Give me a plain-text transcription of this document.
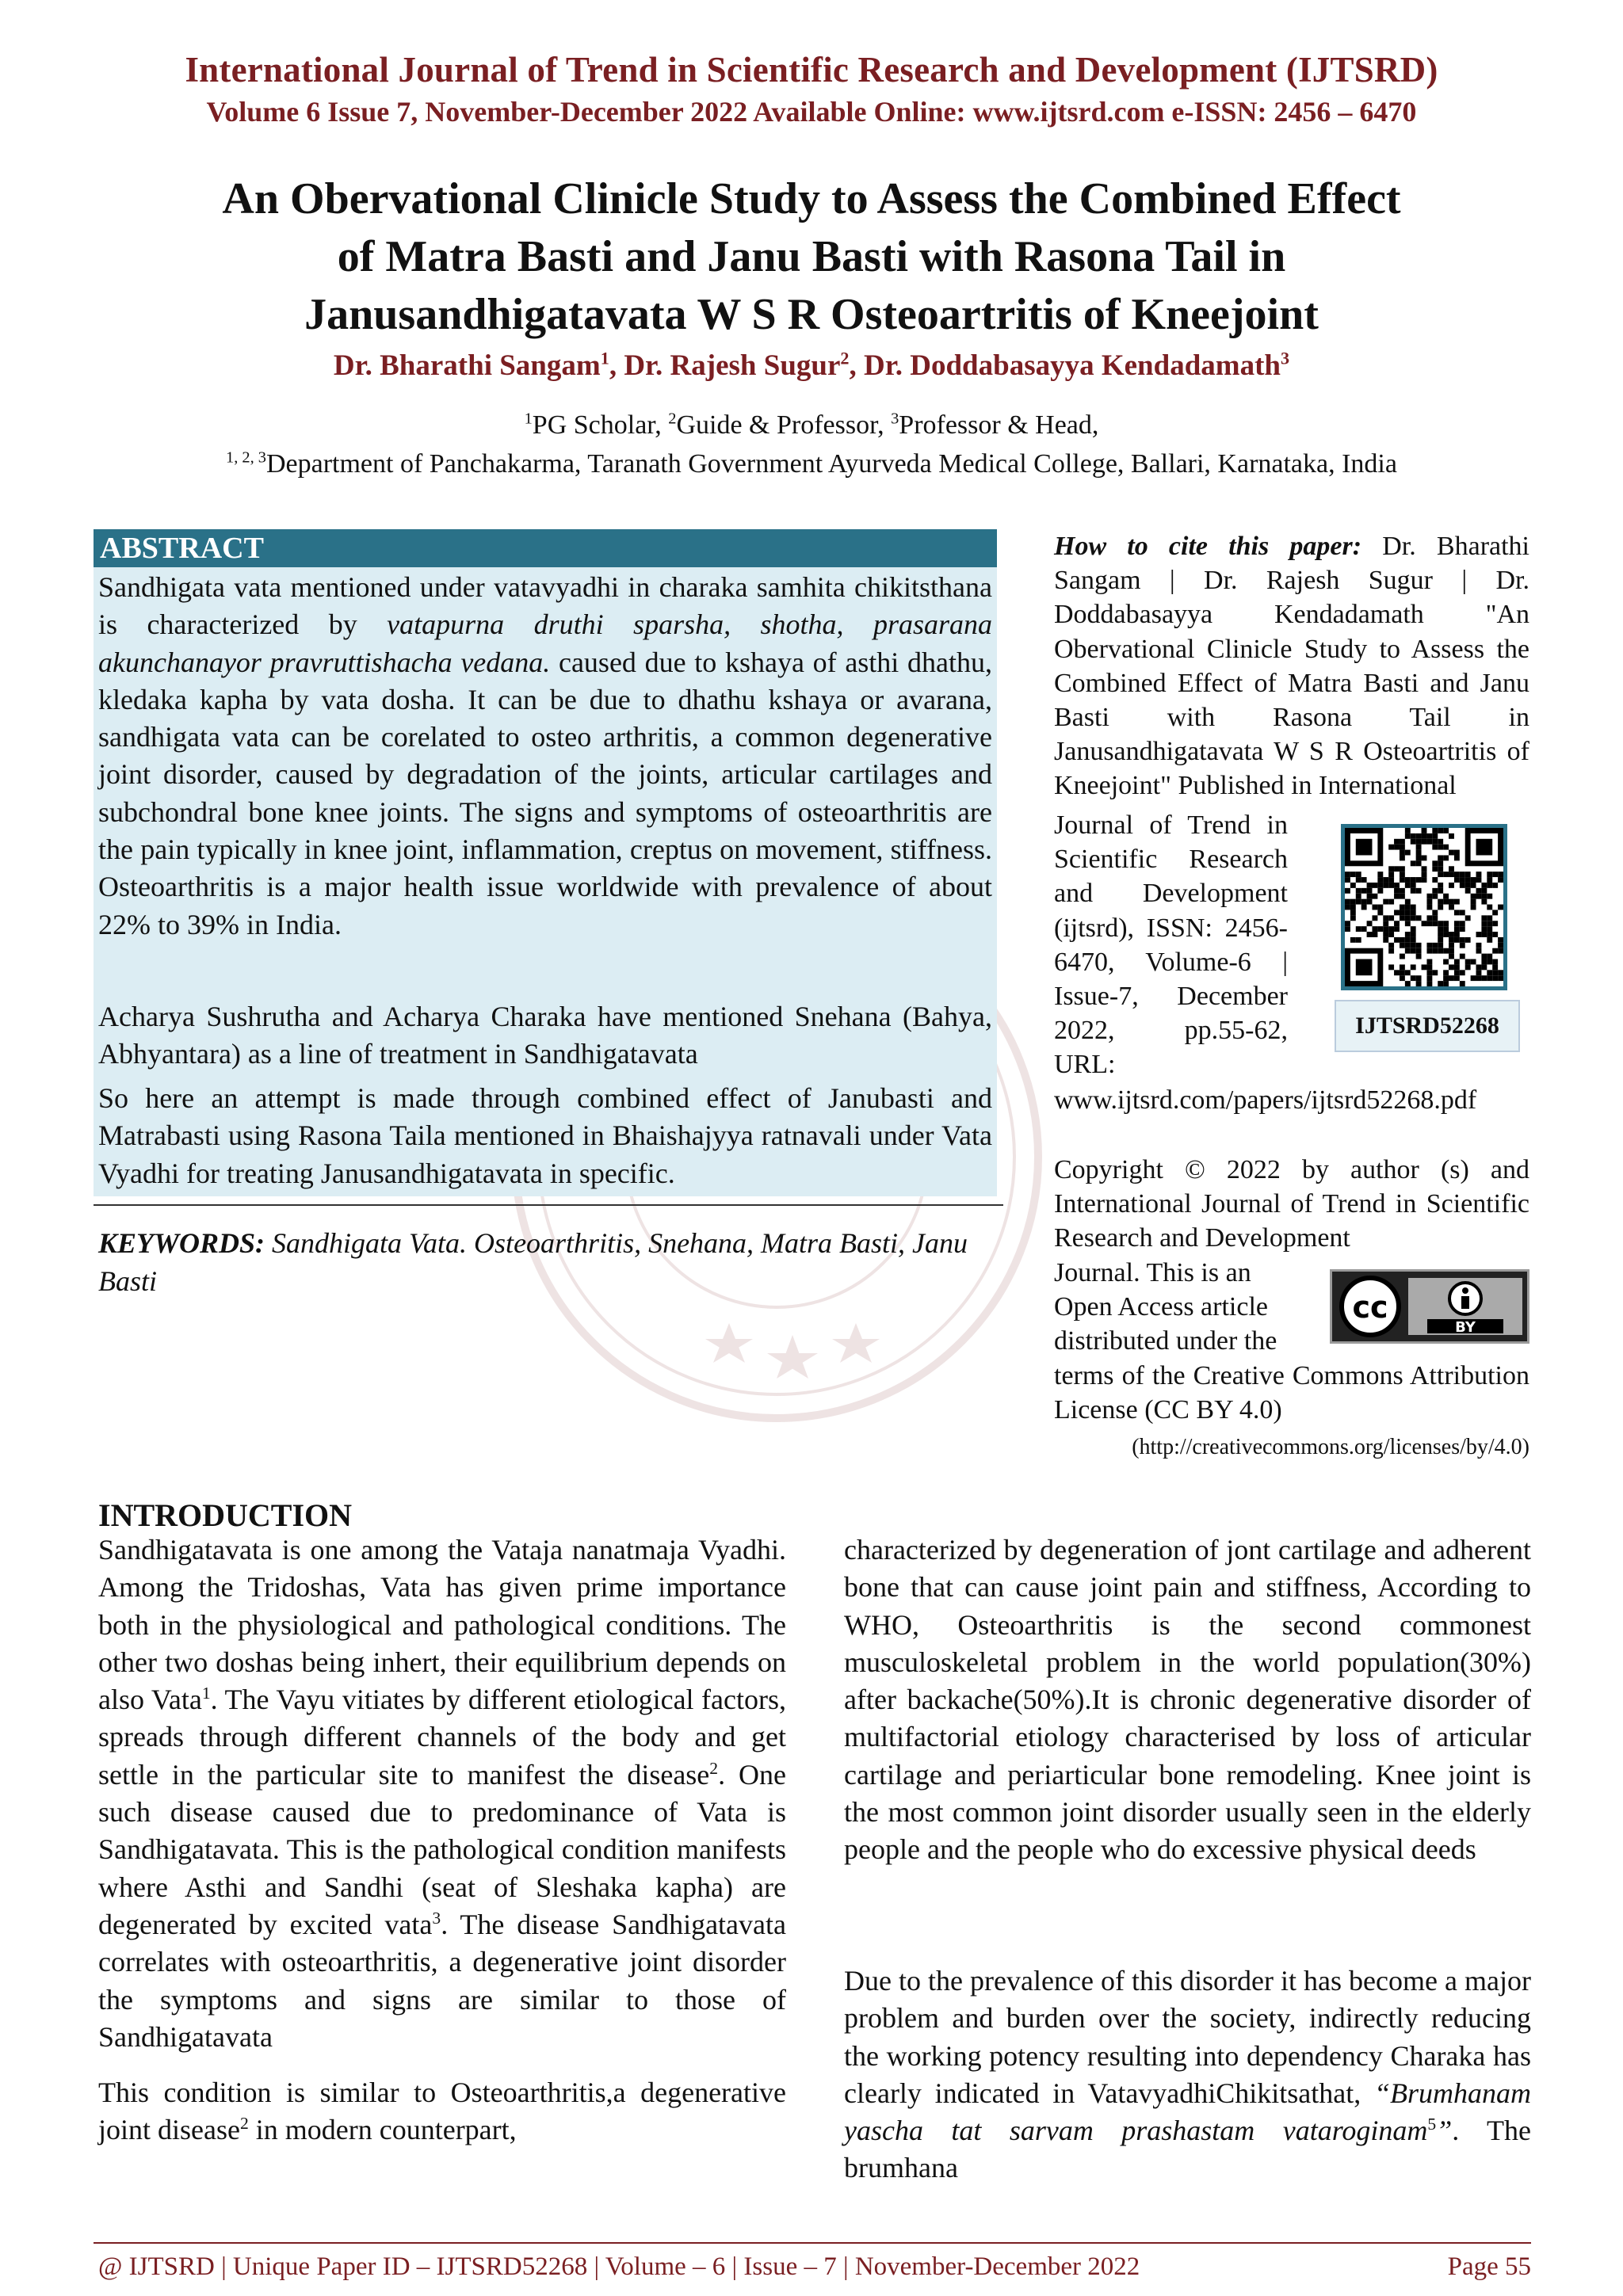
International Journal of Trend in Scientific Research and Development (IJTSRD)
Volume 6 Issue 7, November-December 2022 Available Online: www.ijtsrd.com e-ISSN: 2456 – 6470
An Obervational Clinicle Study to Assess the Combined Effect
of Matra Basti and Janu Basti with Rasona Tail in
Janusandhigatavata W S R Osteoartritis of Kneejoint
Dr. Bharathi Sangam$^1$, Dr. Rajesh Sugur$^2$, Dr. Doddabasayya Kendadamath$^3$
$^1$PG Scholar, $^2$Guide & Professor, $^3$Professor & Head,
$^{1, 2, 3}$Department of Panchakarma, Taranath Government Ayurveda Medical College, Ballari, Karnataka, India
ABSTRACT
Sandhigata vata mentioned under vatavyadhi in charaka samhita chikitsthana is characterized by vatapurna druthi sparsha, shotha, prasarana akunchanayor pravruttishacha vedana. caused due to kshaya of asthi dhathu, kledaka kapha by vata dosha. It can be due to dhathu kshaya or avarana, sandhigata vata can be corelated to osteo arthritis, a common degenerative joint disorder, caused by degradation of the joints, articular cartilages and subchondral bone knee joints. The signs and symptoms of osteoarthritis are the pain typically in knee joint, inflammation, creptus on movement, stiffness. Osteoarthritis is a major health issue worldwide with prevalence of about 22% to 39% in India.
Acharya Sushrutha and Acharya Charaka have mentioned Snehana (Bahya, Abhyantara) as a line of treatment in Sandhigatavata
So here an attempt is made through combined effect of Janubasti and Matrabasti using Rasona Taila mentioned in Bhaishajyya ratnavali under Vata Vyadhi for treating Janusandhigatavata in specific.
KEYWORDS: Sandhigata Vata. Osteoarthritis, Snehana, Matra Basti, Janu Basti
How to cite this paper: Dr. Bharathi Sangam | Dr. Rajesh Sugur | Dr. Doddabasayya Kendadamath "An Obervational Clinicle Study to Assess the Combined Effect of Matra Basti and Janu Basti with Rasona Tail in Janusandhigatavata W S R Osteoartritis of Kneejoint" Published in International
Journal of Trend in Scientific Research and Development (ijtsrd), ISSN: 2456-6470, Volume-6 | Issue-7, December 2022, pp.55-62, URL:
www.ijtsrd.com/papers/ijtsrd52268.pdf
IJTSRD52268
Copyright © 2022 by author (s) and International Journal of Trend in Scientific Research and Development
Journal. This is an Open Access article distributed under the
cc
BY
terms of the Creative Commons Attribution License (CC BY 4.0)
(http://creativecommons.org/licenses/by/4.0)
INTRODUCTION
Sandhigatavata is one among the Vataja nanatmaja Vyadhi. Among the Tridoshas, Vata has given prime importance both in the physiological and pathological conditions. The other two doshas being inhert, their equilibrium depends on also Vata$^1$. The Vayu vitiates by different etiological factors, spreads through different channels of the body and get settle in the particular site to manifest the disease$^2$. One such disease caused due to predominance of Vata is Sandhigatavata. This is the pathological condition manifests where Asthi and Sandhi (seat of Sleshaka kapha) are degenerated by excited vata$^3$. The disease Sandhigatavata correlates with osteoarthritis, a degenerative joint disorder the symptoms and signs are similar to those of Sandhigatavata
This condition is similar to Osteoarthritis,a degenerative joint disease$^2$ in modern counterpart,
characterized by degeneration of jont cartilage and adherent bone that can cause joint pain and stiffness, According to WHO, Osteoarthritis is the second commonest musculoskeletal problem in the world population(30%) after backache(50%).It is chronic degenerative disorder of multifactorial etiology characterised by loss of articular cartilage and periarticular bone remodeling. Knee joint is the most common joint disorder usually seen in the elderly people and the people who do excessive physical deeds
Due to the prevalence of this disorder it has become a major problem and burden over the society, indirectly reducing the working potency resulting into dependency Charaka has clearly indicated in VatavyadhiChikitsathat, “Brumhanam yascha tat sarvam prashastam vataroginam$^5$”. The brumhana
@ IJTSRD | Unique Paper ID – IJTSRD52268 | Volume – 6 | Issue – 7 | November-December 2022	Page 55
